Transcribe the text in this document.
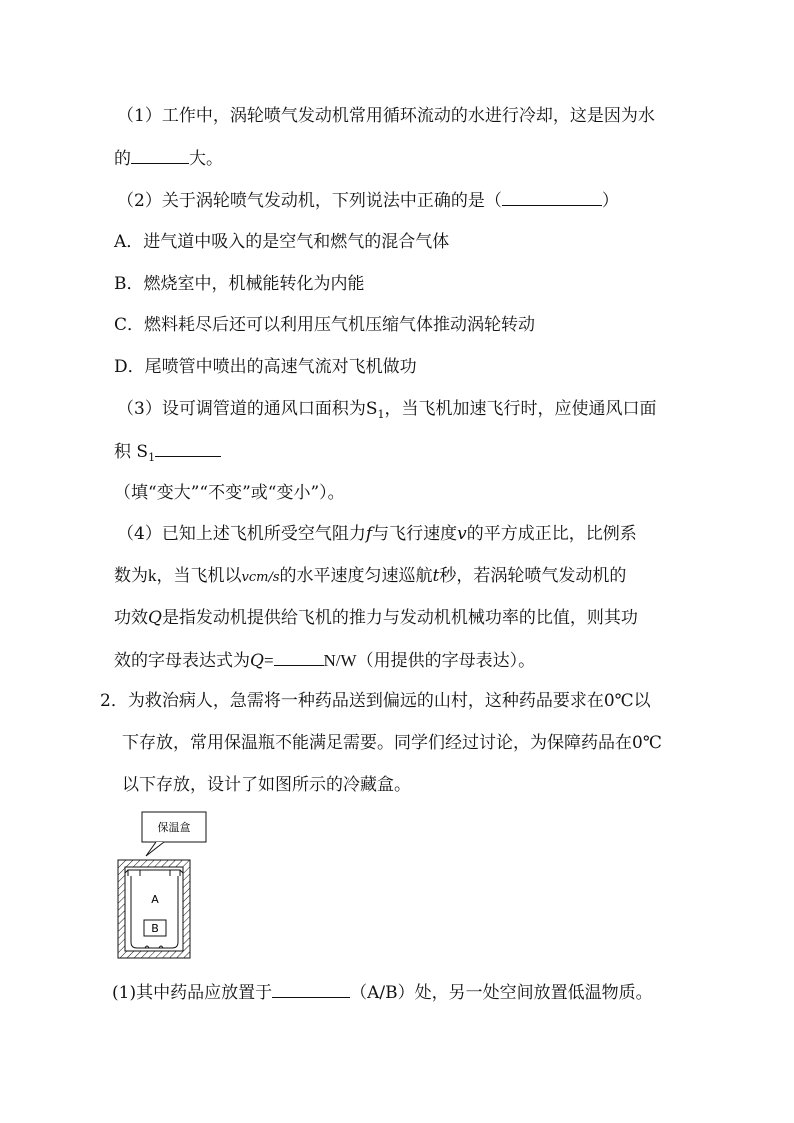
（1）工作中，涡轮喷气发动机常用循环流动的水进行冷却，这是因为水
的	大。
（2）关于涡轮喷气发动机，下列说法中正确的是（	）
A．进气道中吸入的是空气和燃气的混合气体
B．燃烧室中，机械能转化为内能
C．燃料耗尽后还可以利用压气机压缩气体推动涡轮转动
D．尾喷管中喷出的高速气流对飞机做功
（3）设可调管道的通风口面积为$S_1$，当飞机加速飞行时，应使通风口面
积 $S_1$
（填“变大”“不变”或“变小”）。
（4）已知上述飞机所受空气阻力f与飞行速度v的平方成正比，比例系
数为k，当飞机以vcm/s的水平速度匀速巡航t秒，若涡轮喷气发动机的
功效Q是指发动机提供给飞机的推力与发动机机械功率的比值，则其功
效的字母表达式为Q=	N/W（用提供的字母表达）。
2．为救治病人，急需将一种药品送到偏远的山村，这种药品要求在0℃以
下存放，常用保温瓶不能满足需要。同学们经过讨论，为保障药品在0℃
以下存放，设计了如图所示的冷藏盒。
保温盒
A
B
(1)其中药品应放置于	（A/B）处，另一处空间放置低温物质。
